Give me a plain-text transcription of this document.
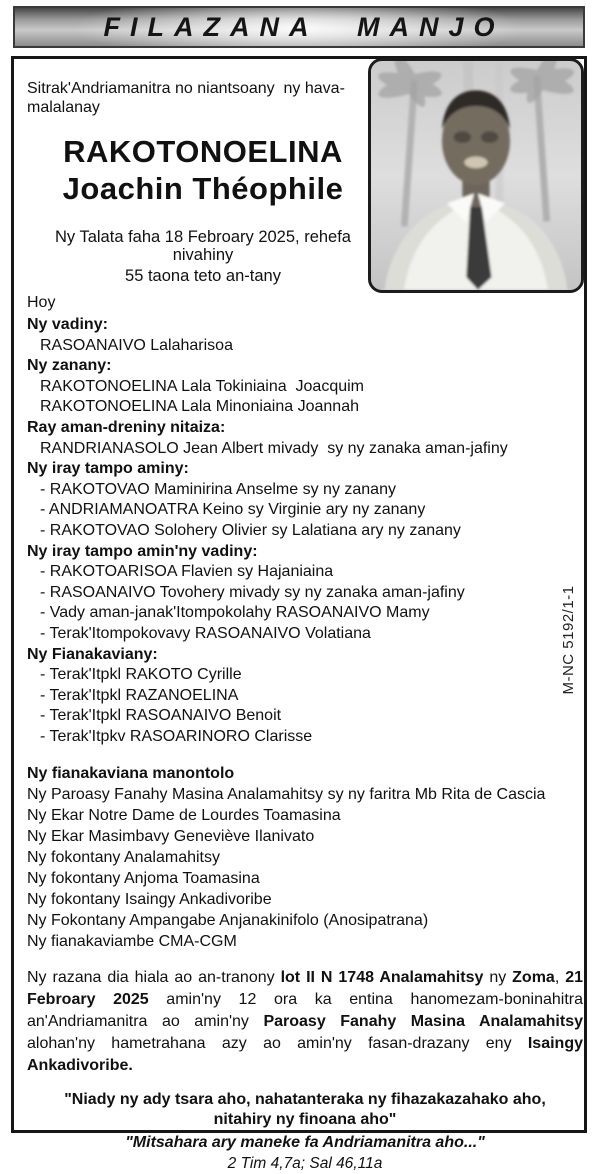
FILAZANA MANJO
Sitrak'Andriamanitra no niantsoany  ny hava-malalanay
RAKOTONOELINA
Joachin Théophile
Ny Talata faha 18 Febroary 2025, rehefa nivahiny
55 taona teto an-tany
Hoy
Ny vadiny:
RASOANAIVO Lalaharisoa
Ny zanany:
RAKOTONOELINA Lala Tokiniaina  Joacquim
RAKOTONOELINA Lala Minoniaina Joannah
Ray aman-dreniny nitaiza:
RANDRIANASOLO Jean Albert mivady  sy ny zanaka aman-jafiny
Ny iray tampo aminy:
- RAKOTOVAO Maminirina Anselme sy ny zanany
- ANDRIAMANOATRA Keino sy Virginie ary ny zanany
- RAKOTOVAO Solohery Olivier sy Lalatiana ary ny zanany
Ny iray tampo amin'ny vadiny:
- RAKOTOARISOA Flavien sy Hajaniaina
- RASOANAIVO Tovohery mivady sy ny zanaka aman-jafiny
- Vady aman-janak'Itompokolahy RASOANAIVO Mamy
- Terak'Itompokovavy RASOANAIVO Volatiana
Ny Fianakaviany:
- Terak'Itpkl RAKOTO Cyrille
- Terak'Itpkl RAZANOELINA
- Terak'Itpkl RASOANAIVO Benoit
- Terak'Itpkv RASOARINORO Clarisse
Ny fianakaviana manontolo
Ny Paroasy Fanahy Masina Analamahitsy sy ny faritra Mb Rita de Cascia
Ny Ekar Notre Dame de Lourdes Toamasina
Ny Ekar Masimbavy Geneviève Ilanivato
Ny fokontany Analamahitsy
Ny fokontany Anjoma Toamasina
Ny fokontany Isaingy Ankadivoribe
Ny Fokontany Ampangabe Anjanakinifolo (Anosipatrana)
Ny fianakaviambe CMA-CGM
Ny razana dia hiala ao an-tranony lot II N 1748 Analamahitsy ny Zoma, 21 Febroary 2025 amin'ny 12 ora ka entina hanomezam-boninahitra an'Andriamanitra ao amin'ny Paroasy Fanahy Masina Analamahitsy alohan'ny hametrahana azy ao amin'ny fasan-drazany eny Isaingy Ankadivoribe.
"Niady ny ady tsara aho, nahatanteraka ny fihazakazahako aho,
nitahiry ny finoana aho"
"Mitsahara ary maneke fa Andriamanitra aho..."
2 Tim 4,7a; Sal 46,11a
M-NC 5192/1-1
